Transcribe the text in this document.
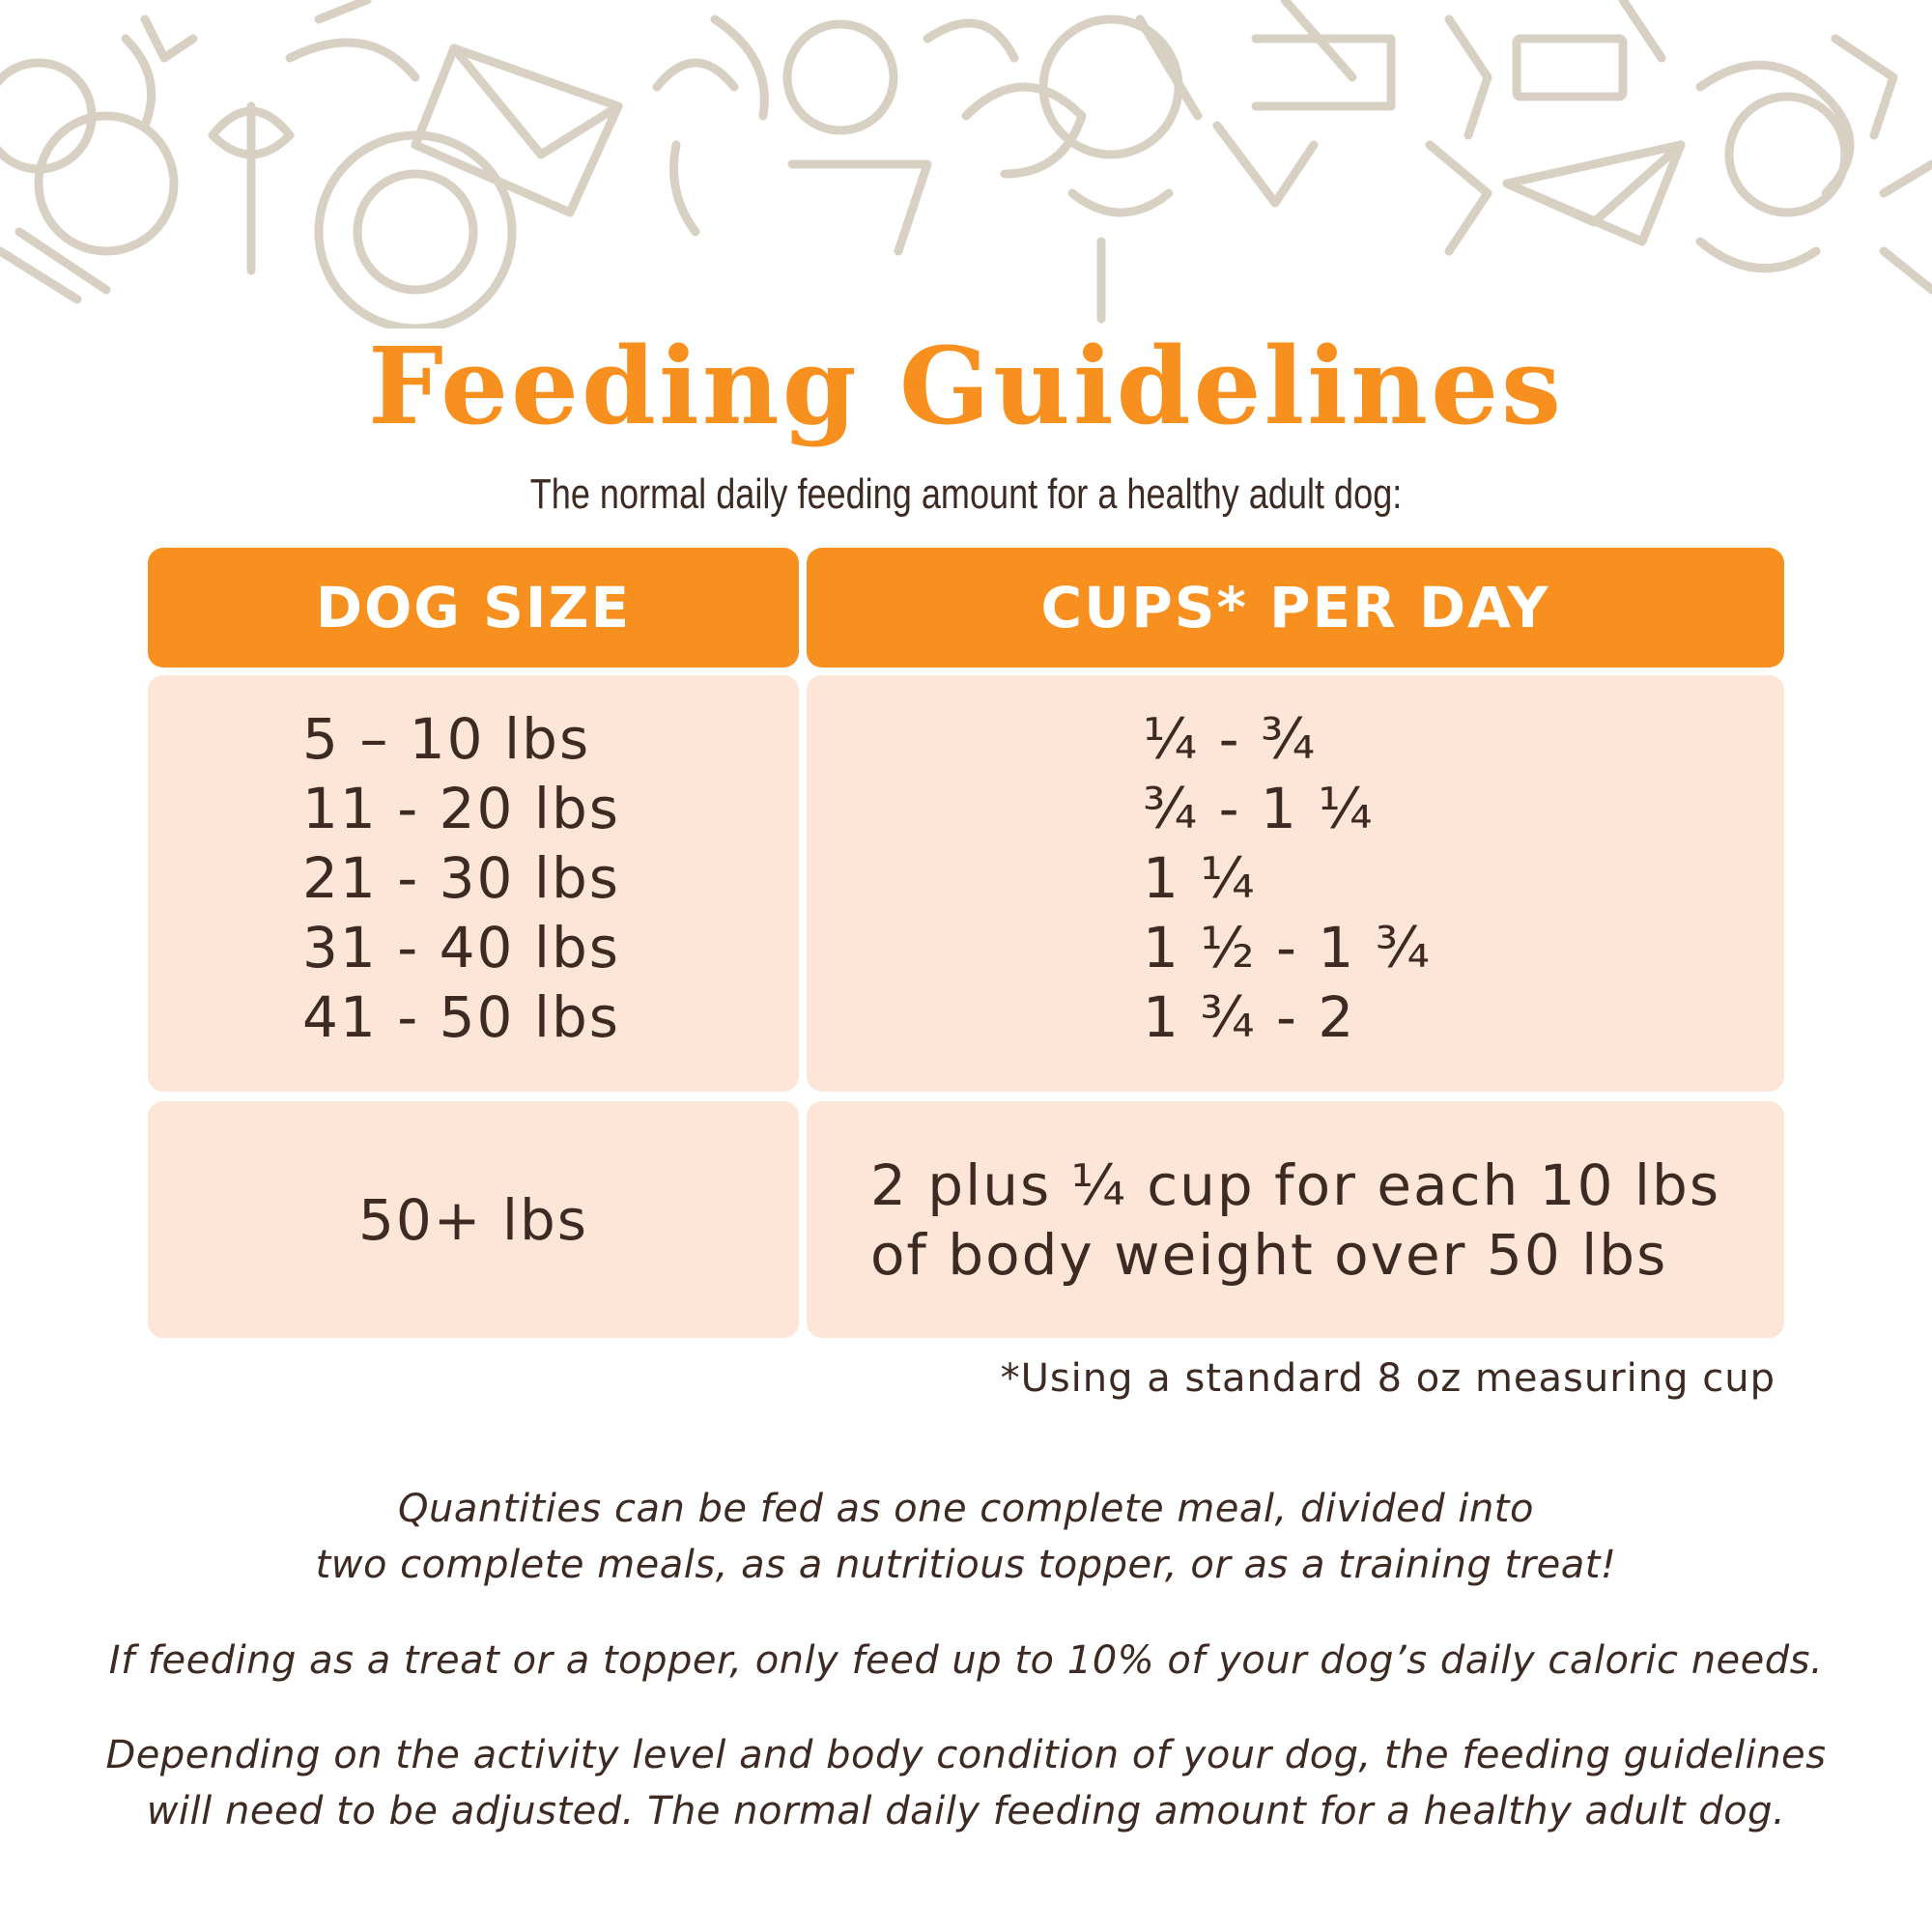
Feeding Guidelines
The normal daily feeding amount for a healthy adult dog:
DOG SIZE	CUPS* PER DAY
5 – 10 lbs
11 - 20 lbs
21 - 30 lbs
31 - 40 lbs
41 - 50 lbs
¼ - ¾
¾ - 1 ¼
1 ¼
1 ½ - 1 ¾
1 ¾ - 2
50+ lbs
2 plus ¼ cup for each 10 lbs
of body weight over 50 lbs
*Using a standard 8 oz measuring cup
Quantities can be fed as one complete meal, divided into
two complete meals, as a nutritious topper, or as a training treat!
If feeding as a treat or a topper, only feed up to 10% of your dog’s daily caloric needs.
Depending on the activity level and body condition of your dog, the feeding guidelines
will need to be adjusted. The normal daily feeding amount for a healthy adult dog.
